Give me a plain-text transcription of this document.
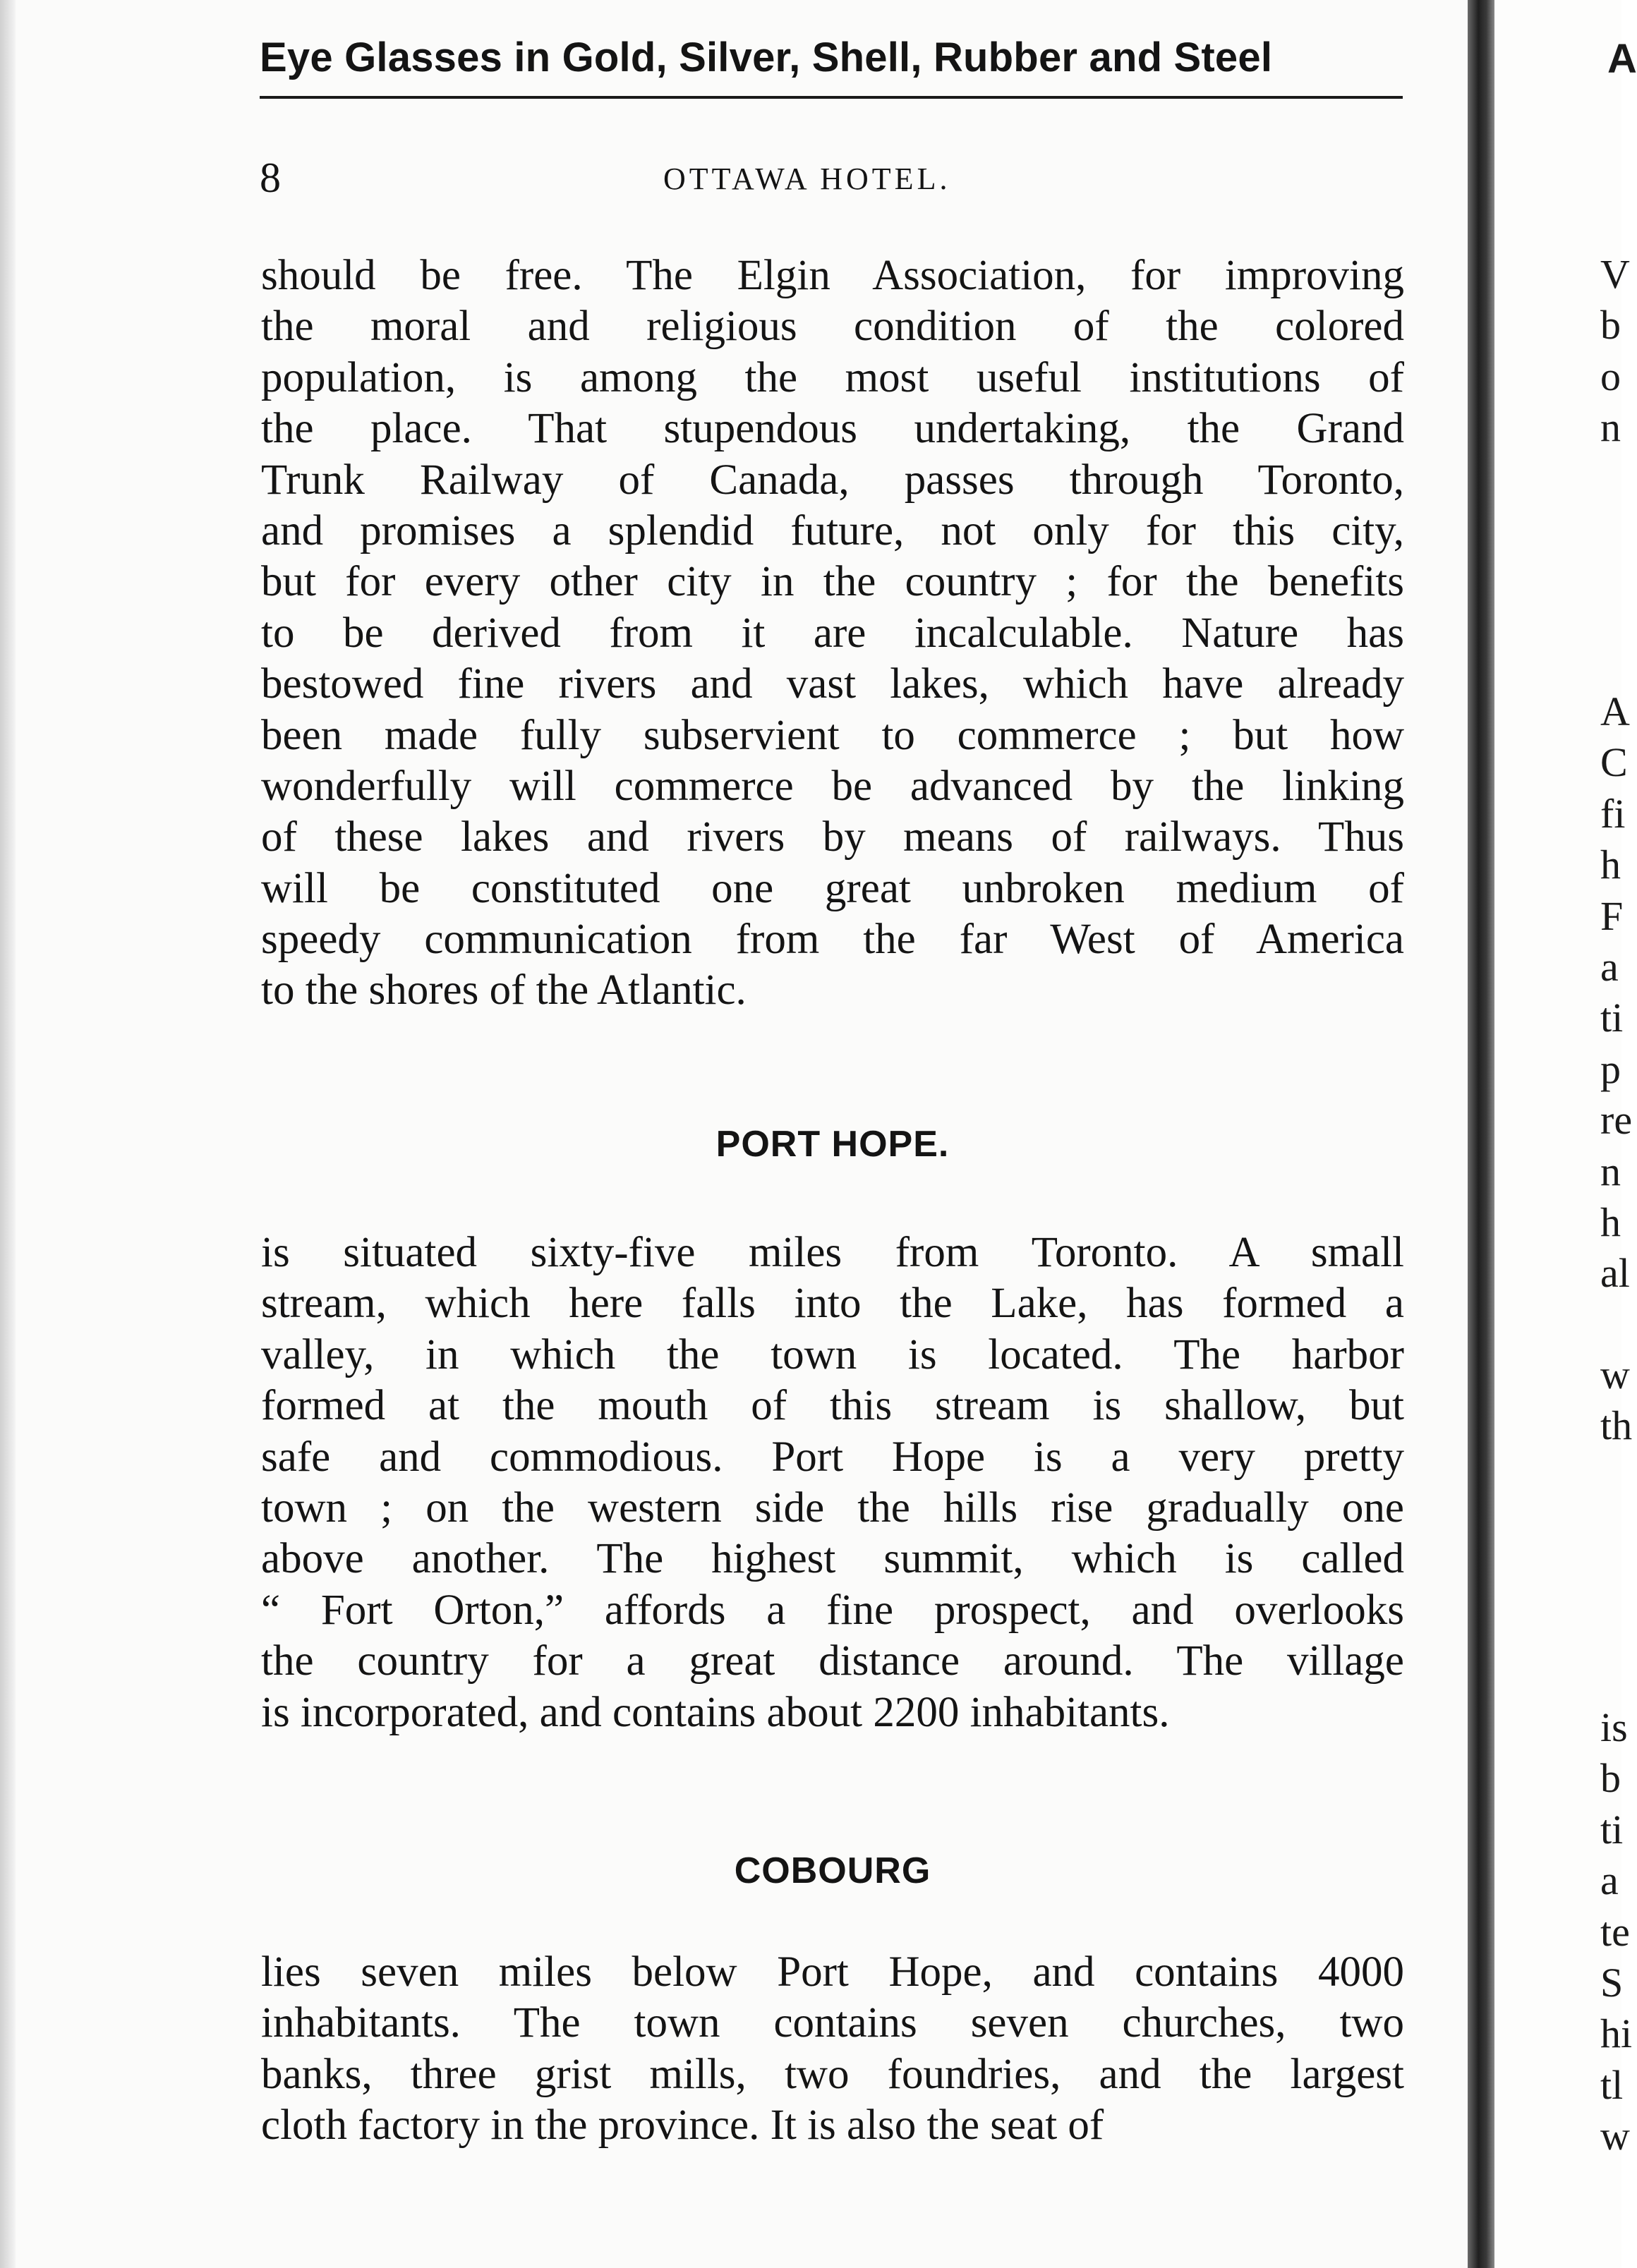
Eye Glasses in Gold, Silver, Shell, Rubber and Steel
8	OTTAWA HOTEL.
should be free. The Elgin Association, for improving
the moral and religious condition of the colored
population, is among the most useful institutions of
the place. That stupendous undertaking, the Grand
Trunk Railway of Canada, passes through Toronto,
and promises a splendid future, not only for this city,
but for every other city in the country ; for the benefits
to be derived from it are incalculable. Nature has
bestowed fine rivers and vast lakes, which have already
been made fully subservient to commerce ; but how
wonderfully will commerce be advanced by the linking
of these lakes and rivers by means of railways. Thus
will be constituted one great unbroken medium of
speedy communication from the far West of America
to the shores of the Atlantic.
PORT HOPE.
is situated sixty-five miles from Toronto. A small
stream, which here falls into the Lake, has formed a
valley, in which the town is located. The harbor
formed at the mouth of this stream is shallow, but
safe and commodious. Port Hope is a very pretty
town ; on the western side the hills rise gradually one
above another. The highest summit, which is called
“ Fort Orton,” affords a fine prospect, and overlooks
the country for a great distance around. The village
is incorporated, and contains about 2200 inhabitants.
COBOURG
lies seven miles below Port Hope, and contains 4000
inhabitants. The town contains seven churches, two
banks, three grist mills, two foundries, and the largest
cloth factory in the province. It is also the seat of
A
V
b
o
n
A
C
fi
h
F
a
ti
p
re
n
h
al
w
th
is
b
ti
a
te
S
hi
tl
w
